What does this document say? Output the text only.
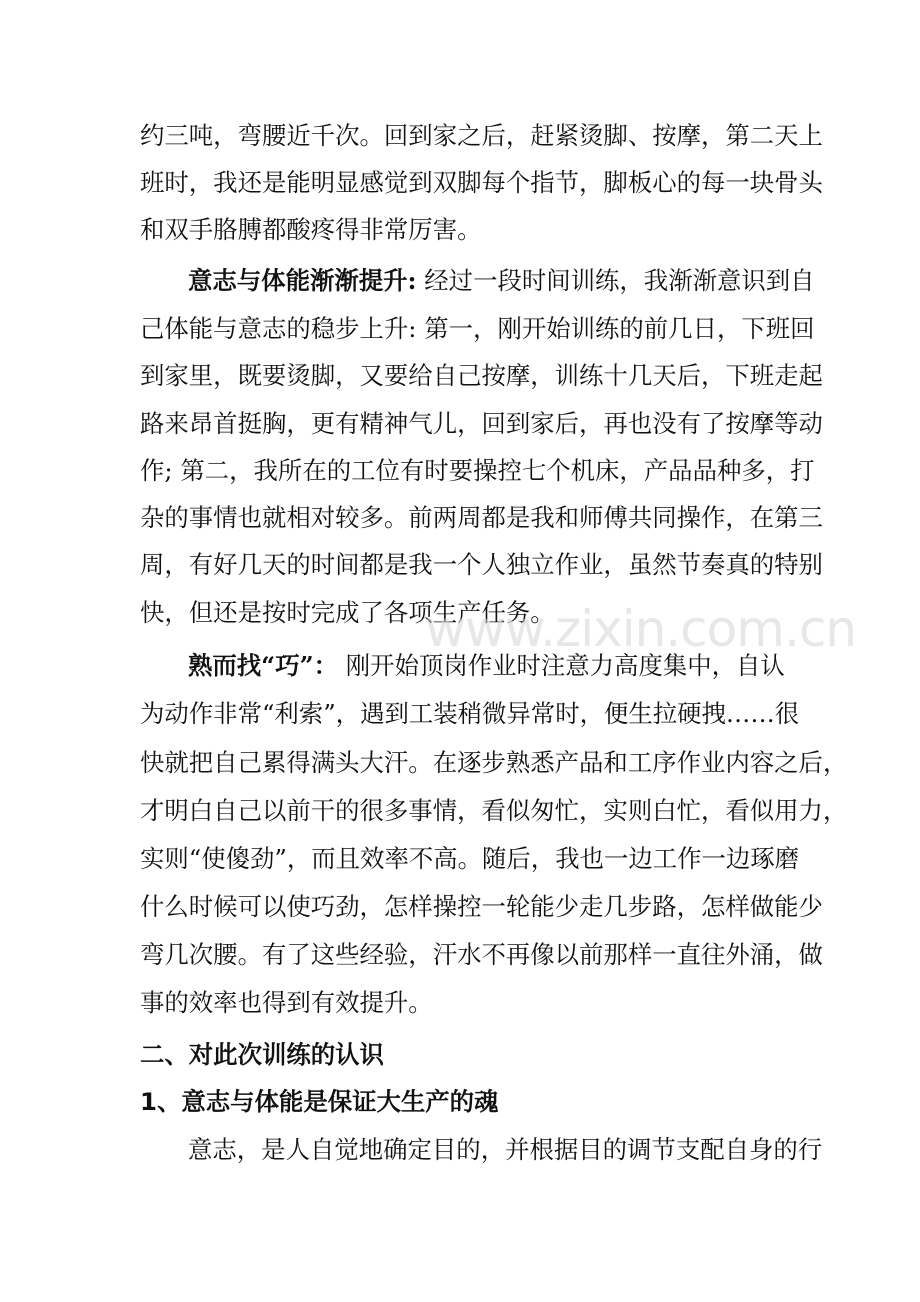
约三吨，弯腰近千次。回到家之后，赶紧烫脚、按摩，第二天上
班时，我还是能明显感觉到双脚每个指节，脚板心的每一块骨头
和双手胳膊都酸疼得非常厉害。
意志与体能渐渐提升: 经过一段时间训练，我渐渐意识到自
己体能与意志的稳步上升: 第一，刚开始训练的前几日，下班回
到家里，既要烫脚，又要给自己按摩，训练十几天后，下班走起
路来昂首挺胸，更有精神气儿，回到家后，再也没有了按摩等动
作; 第二，我所在的工位有时要操控七个机床，产品品种多，打
杂的事情也就相对较多。前两周都是我和师傅共同操作，在第三
周，有好几天的时间都是我一个人独立作业，虽然节奏真的特别
快，但还是按时完成了各项生产任务。
熟而找“巧”： 刚开始顶岗作业时注意力高度集中，自认
为动作非常“利索”，遇到工装稍微异常时，便生拉硬拽……很
快就把自己累得满头大汗。在逐步熟悉产品和工序作业内容之后，
才明白自己以前干的很多事情，看似匆忙，实则白忙，看似用力，
实则“使傻劲”，而且效率不高。随后，我也一边工作一边琢磨
什么时候可以使巧劲，怎样操控一轮能少走几步路，怎样做能少
弯几次腰。有了这些经验，汗水不再像以前那样一直往外涌，做
事的效率也得到有效提升。
二、对此次训练的认识
1、意志与体能是保证大生产的魂
意志，是人自觉地确定目的，并根据目的调节支配自身的行
www.zixin.com.cn
